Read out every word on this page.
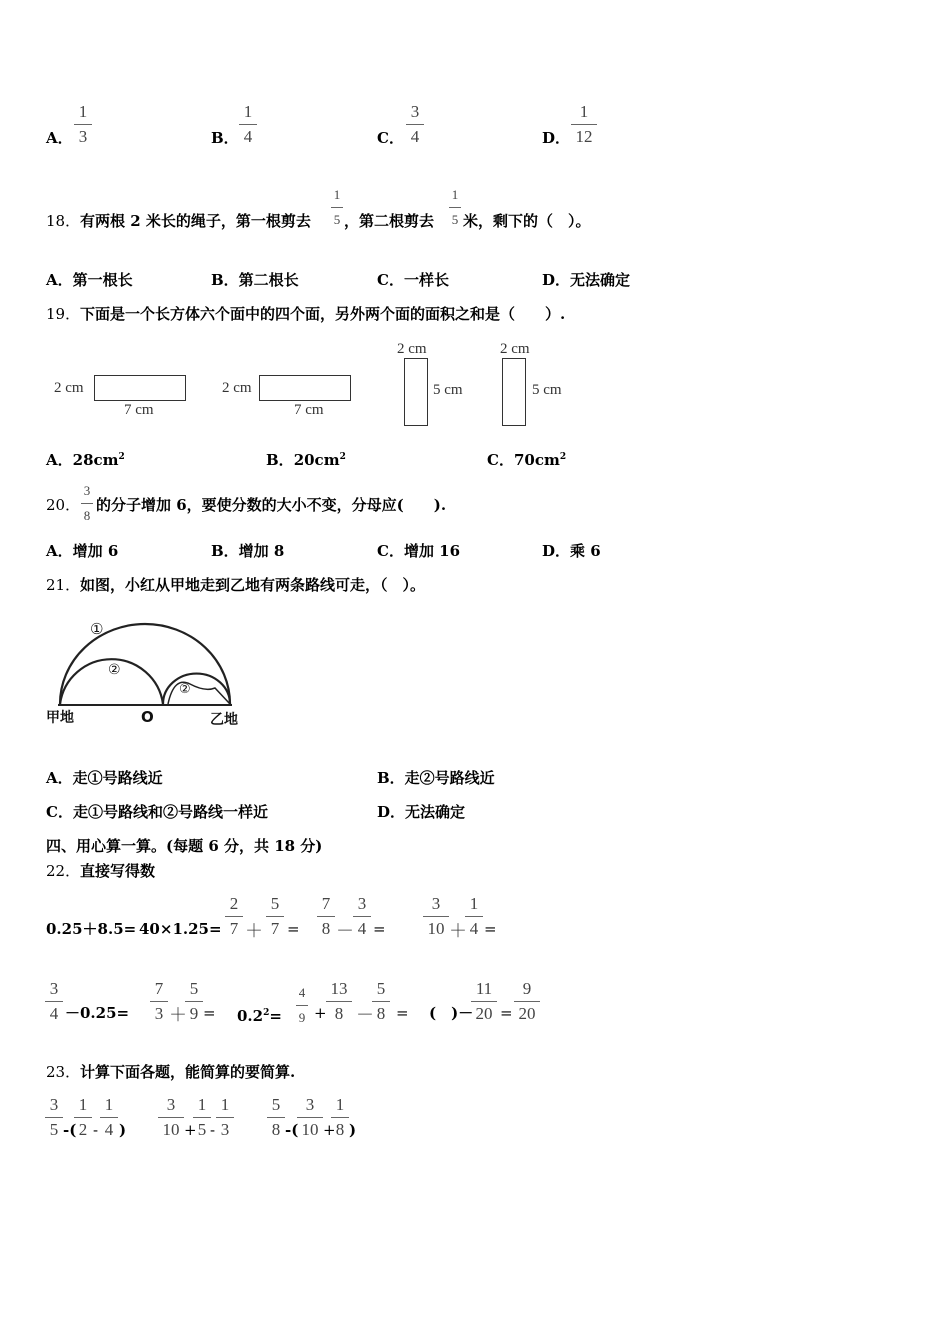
A．
1
3	B．
1
4	C．
3
4	D．
1
12
18． 有两根 2 米长的绳子，第一根剪去
1
5 ，第二根剪去
1
5 米，剩下的（　）。
A．第一根长	B．第二根长	C．一样长	D．无法确定
19． 下面是一个长方体六个面中的四个面，另外两个面的面积之和是（　　）.
2 cm
7 cm
2 cm
7 cm
2 cm
5 cm
2 cm
5 cm
A．$28cm^2$	B．$20cm^2$	C．$70cm^2$
20．
3
8
的分子增加 6，要使分数的大小不变，分母应(　　).
A．增加 6	B．增加 8	C．增加 16	D．乘 6
21． 如图，小红从甲地走到乙地有两条路线可走，（　）。
①
②
②
甲地	O	乙地
A．走①号路线近	B．走②号路线近
C．走①号路线和②号路线一样近	D．无法确定
四、用心算一算。(每题 6 分，共 18 分)
22． 直接写得数
0.25＋8.5= 40×1.25=
2
7 ＋
5
7 =
7
8 －
3
4 =
3
10 ＋
1
4 =
3
4 －0.25=
7
3 ＋
5
$9 = 0.2^2=$
4
9 +
13
8 －
5
8 = (　)－
11
20 =
9
20
23． 计算下面各题，能简算的要简算.
3
5 -(
1
2 -
1
4 )
3
10 +
1
5 -
1
3
5
8 -(
3
10 +
1
8 )
